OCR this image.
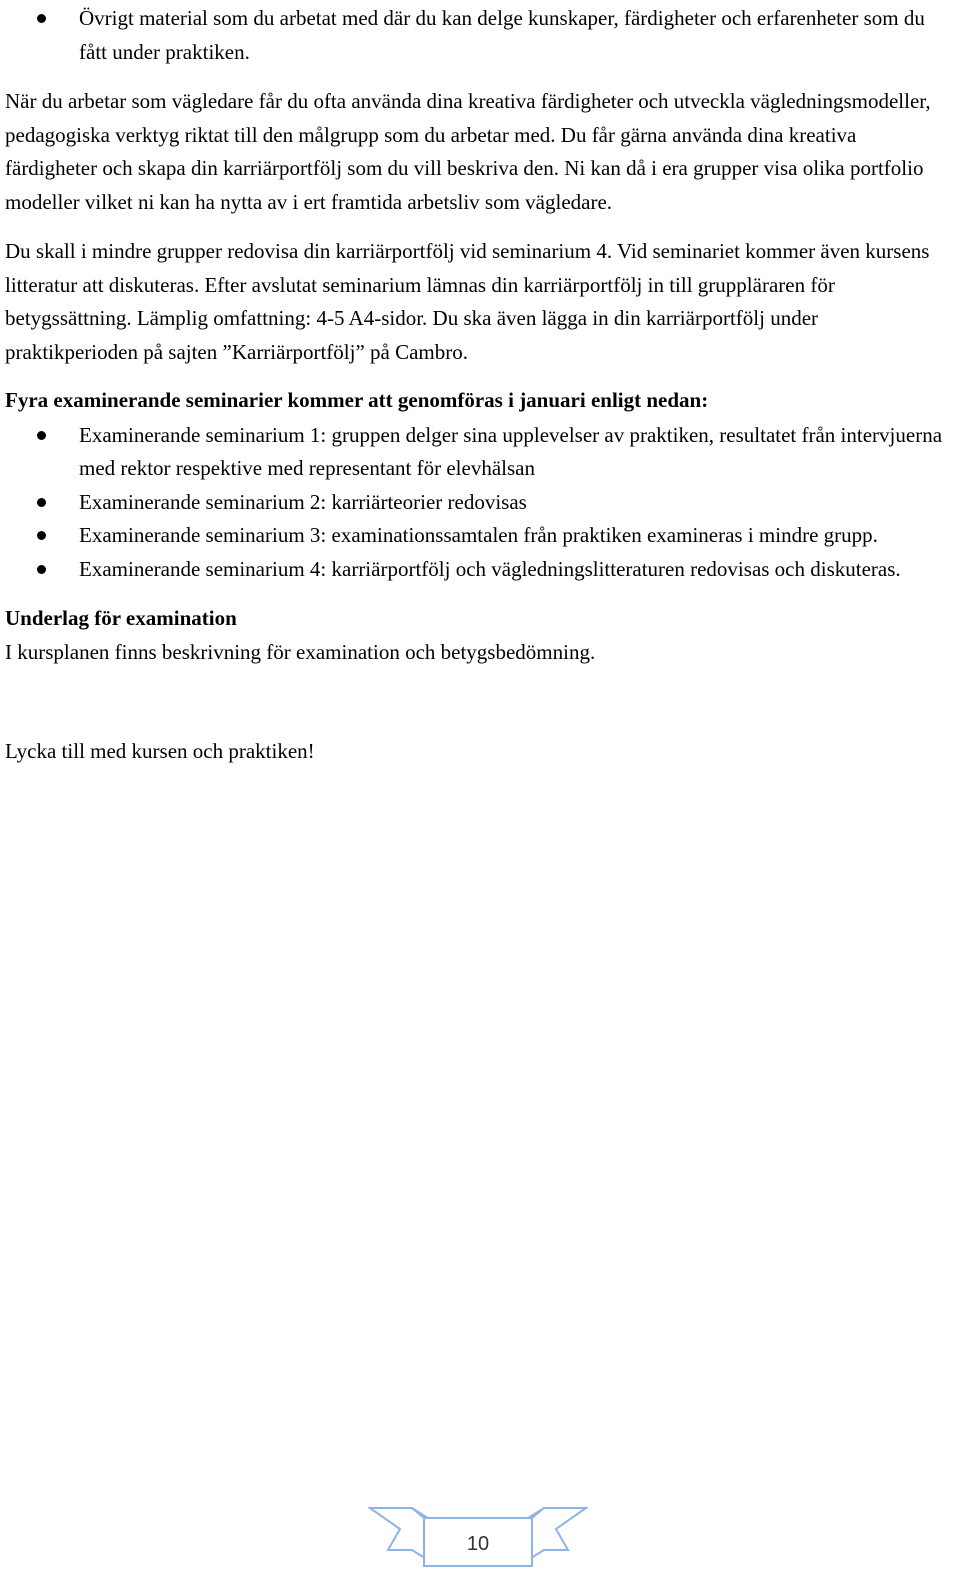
Övrigt material som du arbetat med där du kan delge kunskaper, färdigheter och erfarenheter som du fått under praktiken.

När du arbetar som vägledare får du ofta använda dina kreativa färdigheter och utveckla vägledningsmodeller, pedagogiska verktyg riktat till den målgrupp som du arbetar med. Du får gärna använda dina kreativa färdigheter och skapa din karriärportfölj som du vill beskriva den. Ni kan då i era grupper visa olika portfolio modeller vilket ni kan ha nytta av i ert framtida arbetsliv som vägledare.

Du skall i mindre grupper redovisa din karriärportfölj vid seminarium 4. Vid seminariet kommer även kursens litteratur att diskuteras. Efter avslutat seminarium lämnas din karriärportfölj in till gruppläraren för betygssättning. Lämplig omfattning: 4-5 A4-sidor. Du ska även lägga in din karriärportfölj under praktikperioden på sajten ”Karriärportfölj” på Cambro.

Fyra examinerande seminarier kommer att genomföras i januari enligt nedan:

Examinerande seminarium 1: gruppen delger sina upplevelser av praktiken, resultatet från intervjuerna med rektor respektive med representant för elevhälsan
Examinerande seminarium 2: karriärteorier redovisas
Examinerande seminarium 3: examinationssamtalen från praktiken examineras i mindre grupp.
Examinerande seminarium 4: karriärportfölj och vägledningslitteraturen redovisas och diskuteras.

Underlag för examination

I kursplanen finns beskrivning för examination och betygsbedömning.

Lycka till med kursen och praktiken!

10
